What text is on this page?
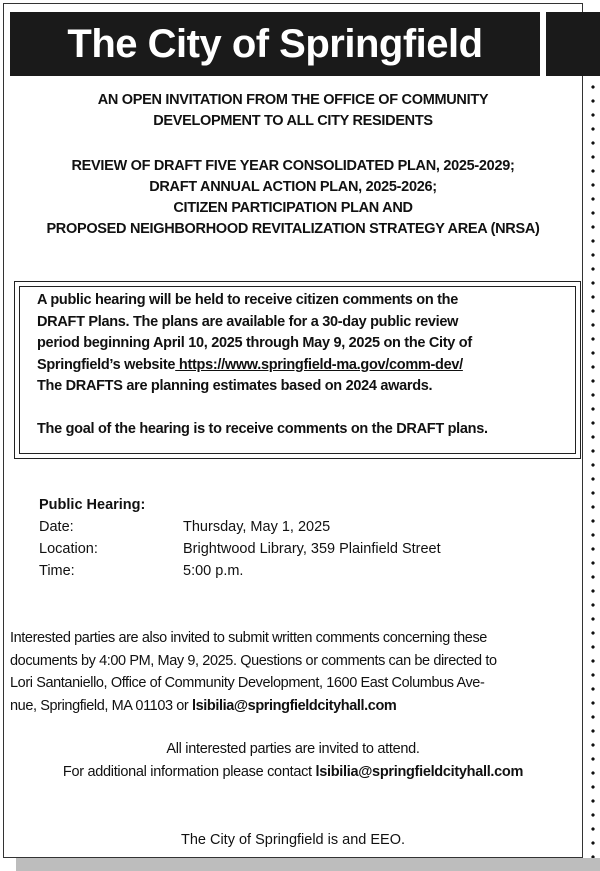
The City of Springfield
AN OPEN INVITATION FROM THE OFFICE OF COMMUNITY
DEVELOPMENT TO ALL CITY RESIDENTS
REVIEW OF DRAFT FIVE YEAR CONSOLIDATED PLAN, 2025-2029;
DRAFT ANNUAL ACTION PLAN, 2025-2026;
CITIZEN PARTICIPATION PLAN AND
PROPOSED NEIGHBORHOOD REVITALIZATION STRATEGY AREA (NRSA)
A public hearing will be held to receive citizen comments on the
DRAFT Plans. The plans are available for a 30-day public review
period beginning April 10, 2025 through May 9, 2025 on the City of
Springfield’s website https://www.springfield-ma.gov/comm-dev/
The DRAFTS are planning estimates based on 2024 awards.
The goal of the hearing is to receive comments on the DRAFT plans.
Public Hearing:
Date:	Thursday, May 1, 2025
Location:	Brightwood Library, 359 Plainfield Street
Time:	5:00 p.m.
Interested parties are also invited to submit written comments concerning these
documents by 4:00 PM, May 9, 2025. Questions or comments can be directed to
Lori Santaniello, Office of Community Development, 1600 East Columbus Ave-
nue, Springfield, MA 01103 or lsibilia@springfieldcityhall.com
All interested parties are invited to attend.
For additional information please contact lsibilia@springfieldcityhall.com
The City of Springfield is and EEO.
